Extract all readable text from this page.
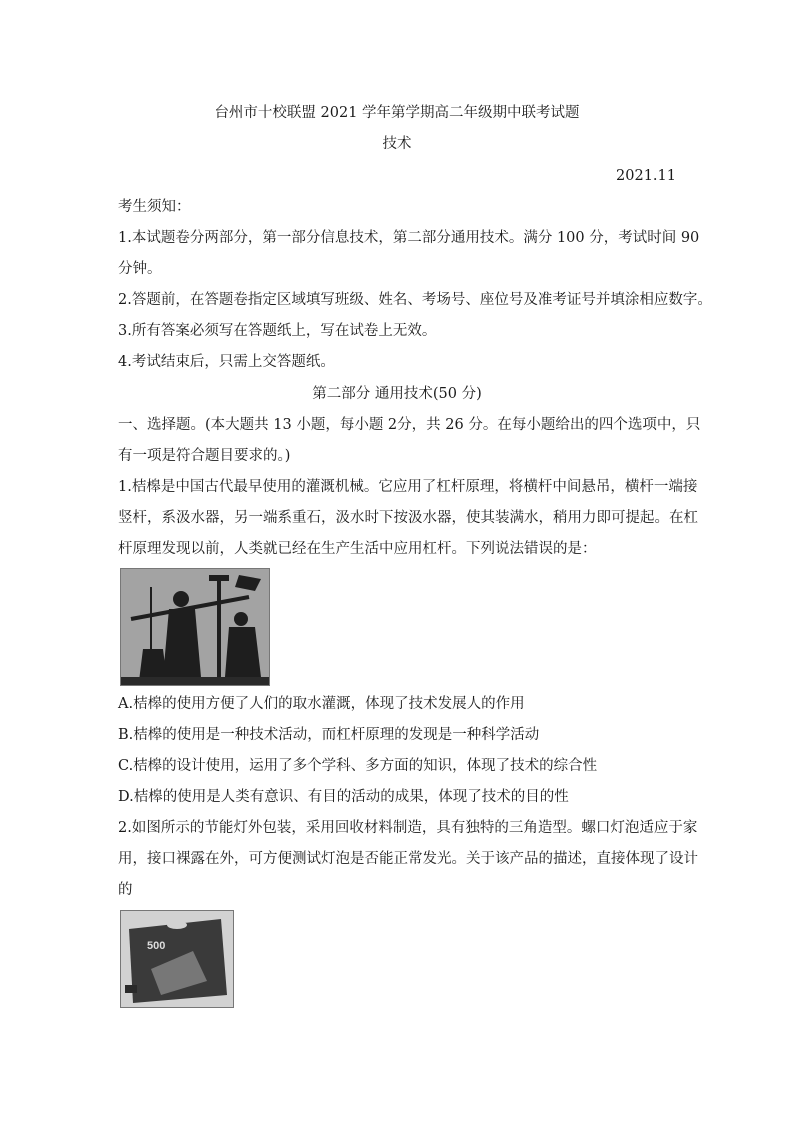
台州市十校联盟 2021 学年第学期高二年级期中联考试题
技术
2021.11
考生须知：
1.本试题卷分两部分，第一部分信息技术，第二部分通用技术。满分 100 分，考试时间 90
分钟。
2.答题前，在答题卷指定区域填写班级、姓名、考场号、座位号及准考证号并填涂相应数字。
3.所有答案必须写在答题纸上，写在试卷上无效。
4.考试结束后，只需上交答题纸。
第二部分 通用技术(50 分)
一、选择题。(本大题共 13 小题，每小题 2分，共 26 分。在每小题给出的四个选项中，只
有一项是符合题目要求的。)
1.桔槔是中国古代最早使用的灌溉机械。它应用了杠杆原理，将横杆中间悬吊，横杆一端接
竖杆，系汲水器，另一端系重石，汲水时下按汲水器，使其装满水，稍用力即可提起。在杠
杆原理发现以前，人类就已经在生产生活中应用杠杆。下列说法错误的是：
A.桔槔的使用方便了人们的取水灌溉，体现了技术发展人的作用
B.桔槔的使用是一种技术活动，而杠杆原理的发现是一种科学活动
C.桔槔的设计使用，运用了多个学科、多方面的知识，体现了技术的综合性
D.桔槔的使用是人类有意识、有目的活动的成果，体现了技术的目的性
2.如图所示的节能灯外包装，采用回收材料制造，具有独特的三角造型。螺口灯泡适应于家
用，接口裸露在外，可方便测试灯泡是否能正常发光。关于该产品的描述，直接体现了设计
的
500
